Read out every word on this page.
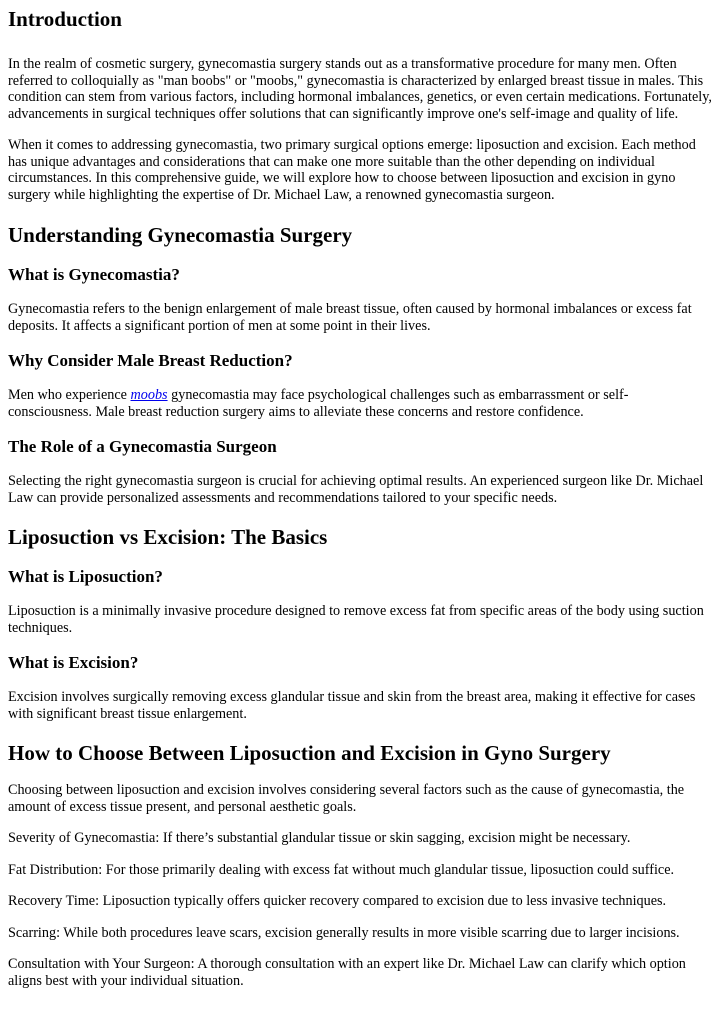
Introduction

In the realm of cosmetic surgery, gynecomastia surgery stands out as a transformative procedure for many men. Often referred to colloquially as "man boobs" or "moobs," gynecomastia is characterized by enlarged breast tissue in males. This condition can stem from various factors, including hormonal imbalances, genetics, or even certain medications. Fortunately, advancements in surgical techniques offer solutions that can significantly improve one's self-image and quality of life.

When it comes to addressing gynecomastia, two primary surgical options emerge: liposuction and excision. Each method has unique advantages and considerations that can make one more suitable than the other depending on individual circumstances. In this comprehensive guide, we will explore how to choose between liposuction and excision in gyno surgery while highlighting the expertise of Dr. Michael Law, a renowned gynecomastia surgeon.

Understanding Gynecomastia Surgery
What is Gynecomastia?

Gynecomastia refers to the benign enlargement of male breast tissue, often caused by hormonal imbalances or excess fat deposits. It affects a significant portion of men at some point in their lives.

Why Consider Male Breast Reduction?

Men who experience moobs gynecomastia may face psychological challenges such as embarrassment or self-consciousness. Male breast reduction surgery aims to alleviate these concerns and restore confidence.

The Role of a Gynecomastia Surgeon

Selecting the right gynecomastia surgeon is crucial for achieving optimal results. An experienced surgeon like Dr. Michael Law can provide personalized assessments and recommendations tailored to your specific needs.

Liposuction vs Excision: The Basics
What is Liposuction?

Liposuction is a minimally invasive procedure designed to remove excess fat from specific areas of the body using suction techniques.

What is Excision?

Excision involves surgically removing excess glandular tissue and skin from the breast area, making it effective for cases with significant breast tissue enlargement.

How to Choose Between Liposuction and Excision in Gyno Surgery

Choosing between liposuction and excision involves considering several factors such as the cause of gynecomastia, the amount of excess tissue present, and personal aesthetic goals.

Severity of Gynecomastia: If there’s substantial glandular tissue or skin sagging, excision might be necessary.

Fat Distribution: For those primarily dealing with excess fat without much glandular tissue, liposuction could suffice.

Recovery Time: Liposuction typically offers quicker recovery compared to excision due to less invasive techniques.

Scarring: While both procedures leave scars, excision generally results in more visible scarring due to larger incisions.

Consultation with Your Surgeon: A thorough consultation with an expert like Dr. Michael Law can clarify which option aligns best with your individual situation.
